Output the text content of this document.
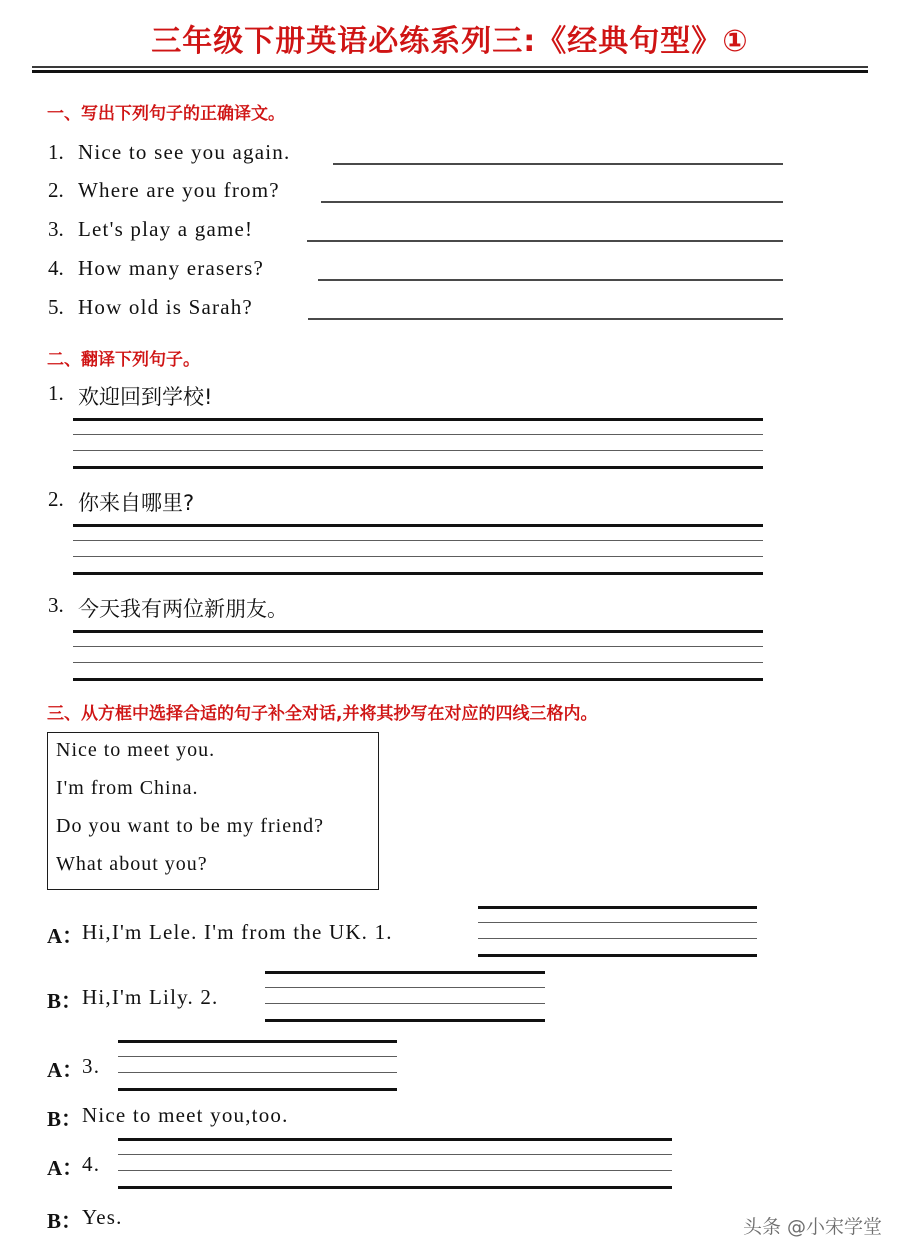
三年级下册英语必练系列三:《经典句型》①
一、写出下列句子的正确译文。
1. Nice to see you again.
2. Where are you from?
3. Let's play a game!
4. How many erasers?
5. How old is Sarah?
二、翻译下列句子。
1. 欢迎回到学校!
2. 你来自哪里?
3. 今天我有两位新朋友。
三、从方框中选择合适的句子补全对话,并将其抄写在对应的四线三格内。
Nice to meet you.
I'm from China.
Do you want to be my friend?
What about you?
A：
Hi,I'm Lele. I'm from the UK. 1.
B： Hi,I'm Lily. 2.
A：
3.
B： Nice to meet you,too.
A：
4.
B： Yes.	头条 @小宋学堂
